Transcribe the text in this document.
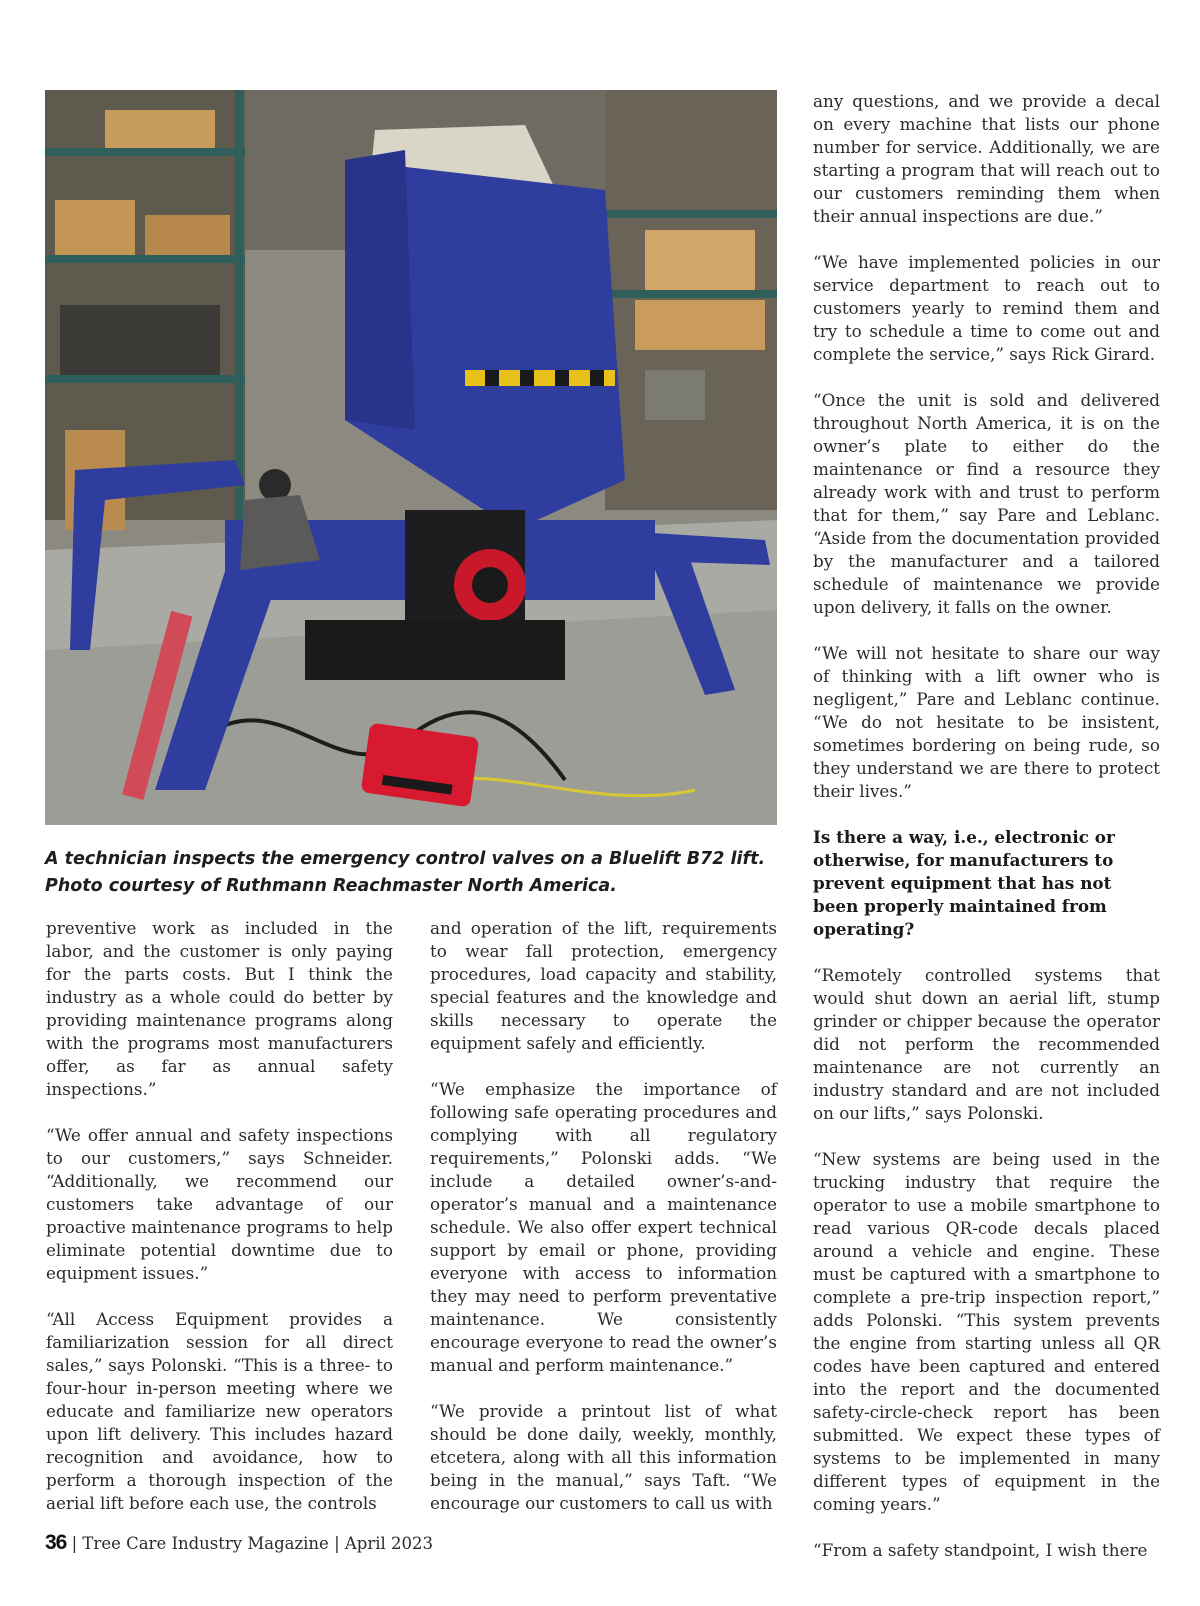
A technician inspects the emergency control valves on a Bluelift B72 lift. Photo courtesy of Ruthmann Reachmaster North America.

preventive work as included in the labor, and the customer is only paying for the parts costs. But I think the industry as a whole could do better by providing maintenance programs along with the programs most manufacturers offer, as far as annual safety inspections.”

“We offer annual and safety inspections to our customers,” says Schneider. “Additionally, we recommend our customers take advantage of our proactive maintenance programs to help eliminate potential downtime due to equipment issues.”

“All Access Equipment provides a familiarization session for all direct sales,” says Polonski. “This is a three- to four-hour in-person meeting where we educate and familiarize new operators upon lift delivery. This includes hazard recognition and avoidance, how to perform a thorough inspection of the aerial lift before each use, the controls

and operation of the lift, requirements to wear fall protection, emergency procedures, load capacity and stability, special features and the knowledge and skills necessary to operate the equipment safely and efficiently.

“We emphasize the importance of following safe operating procedures and complying with all regulatory requirements,” Polonski adds. “We include a detailed owner’s-and-operator’s manual and a maintenance schedule. We also offer expert technical support by email or phone, providing everyone with access to information they may need to perform preventative maintenance. We consistently encourage everyone to read the owner’s manual and perform maintenance.”

“We provide a printout list of what should be done daily, weekly, monthly, etcetera, along with all this information being in the manual,” says Taft. “We encourage our customers to call us with

any questions, and we provide a decal on every machine that lists our phone number for service. Additionally, we are starting a program that will reach out to our customers reminding them when their annual inspections are due.”

“We have implemented policies in our service department to reach out to customers yearly to remind them and try to schedule a time to come out and complete the service,” says Rick Girard.

“Once the unit is sold and delivered throughout North America, it is on the owner’s plate to either do the maintenance or find a resource they already work with and trust to perform that for them,” say Pare and Leblanc. “Aside from the documentation provided by the manufacturer and a tailored schedule of maintenance we provide upon delivery, it falls on the owner.

“We will not hesitate to share our way of thinking with a lift owner who is negligent,” Pare and Leblanc continue. “We do not hesitate to be insistent, sometimes bordering on being rude, so they understand we are there to protect their lives.”

Is there a way, i.e., electronic or otherwise, for manufacturers to prevent equipment that has not been properly maintained from operating?

“Remotely controlled systems that would shut down an aerial lift, stump grinder or chipper because the operator did not perform the recommended maintenance are not currently an industry standard and are not included on our lifts,” says Polonski.

“New systems are being used in the trucking industry that require the operator to use a mobile smartphone to read various QR-code decals placed around a vehicle and engine. These must be captured with a smartphone to complete a pre-trip inspection report,” adds Polonski. “This system prevents the engine from starting unless all QR codes have been captured and entered into the report and the documented safety-circle-check report has been submitted. We expect these types of systems to be implemented in many different types of equipment in the coming years.”

“From a safety standpoint, I wish there

36 | Tree Care Industry Magazine | April 2023
